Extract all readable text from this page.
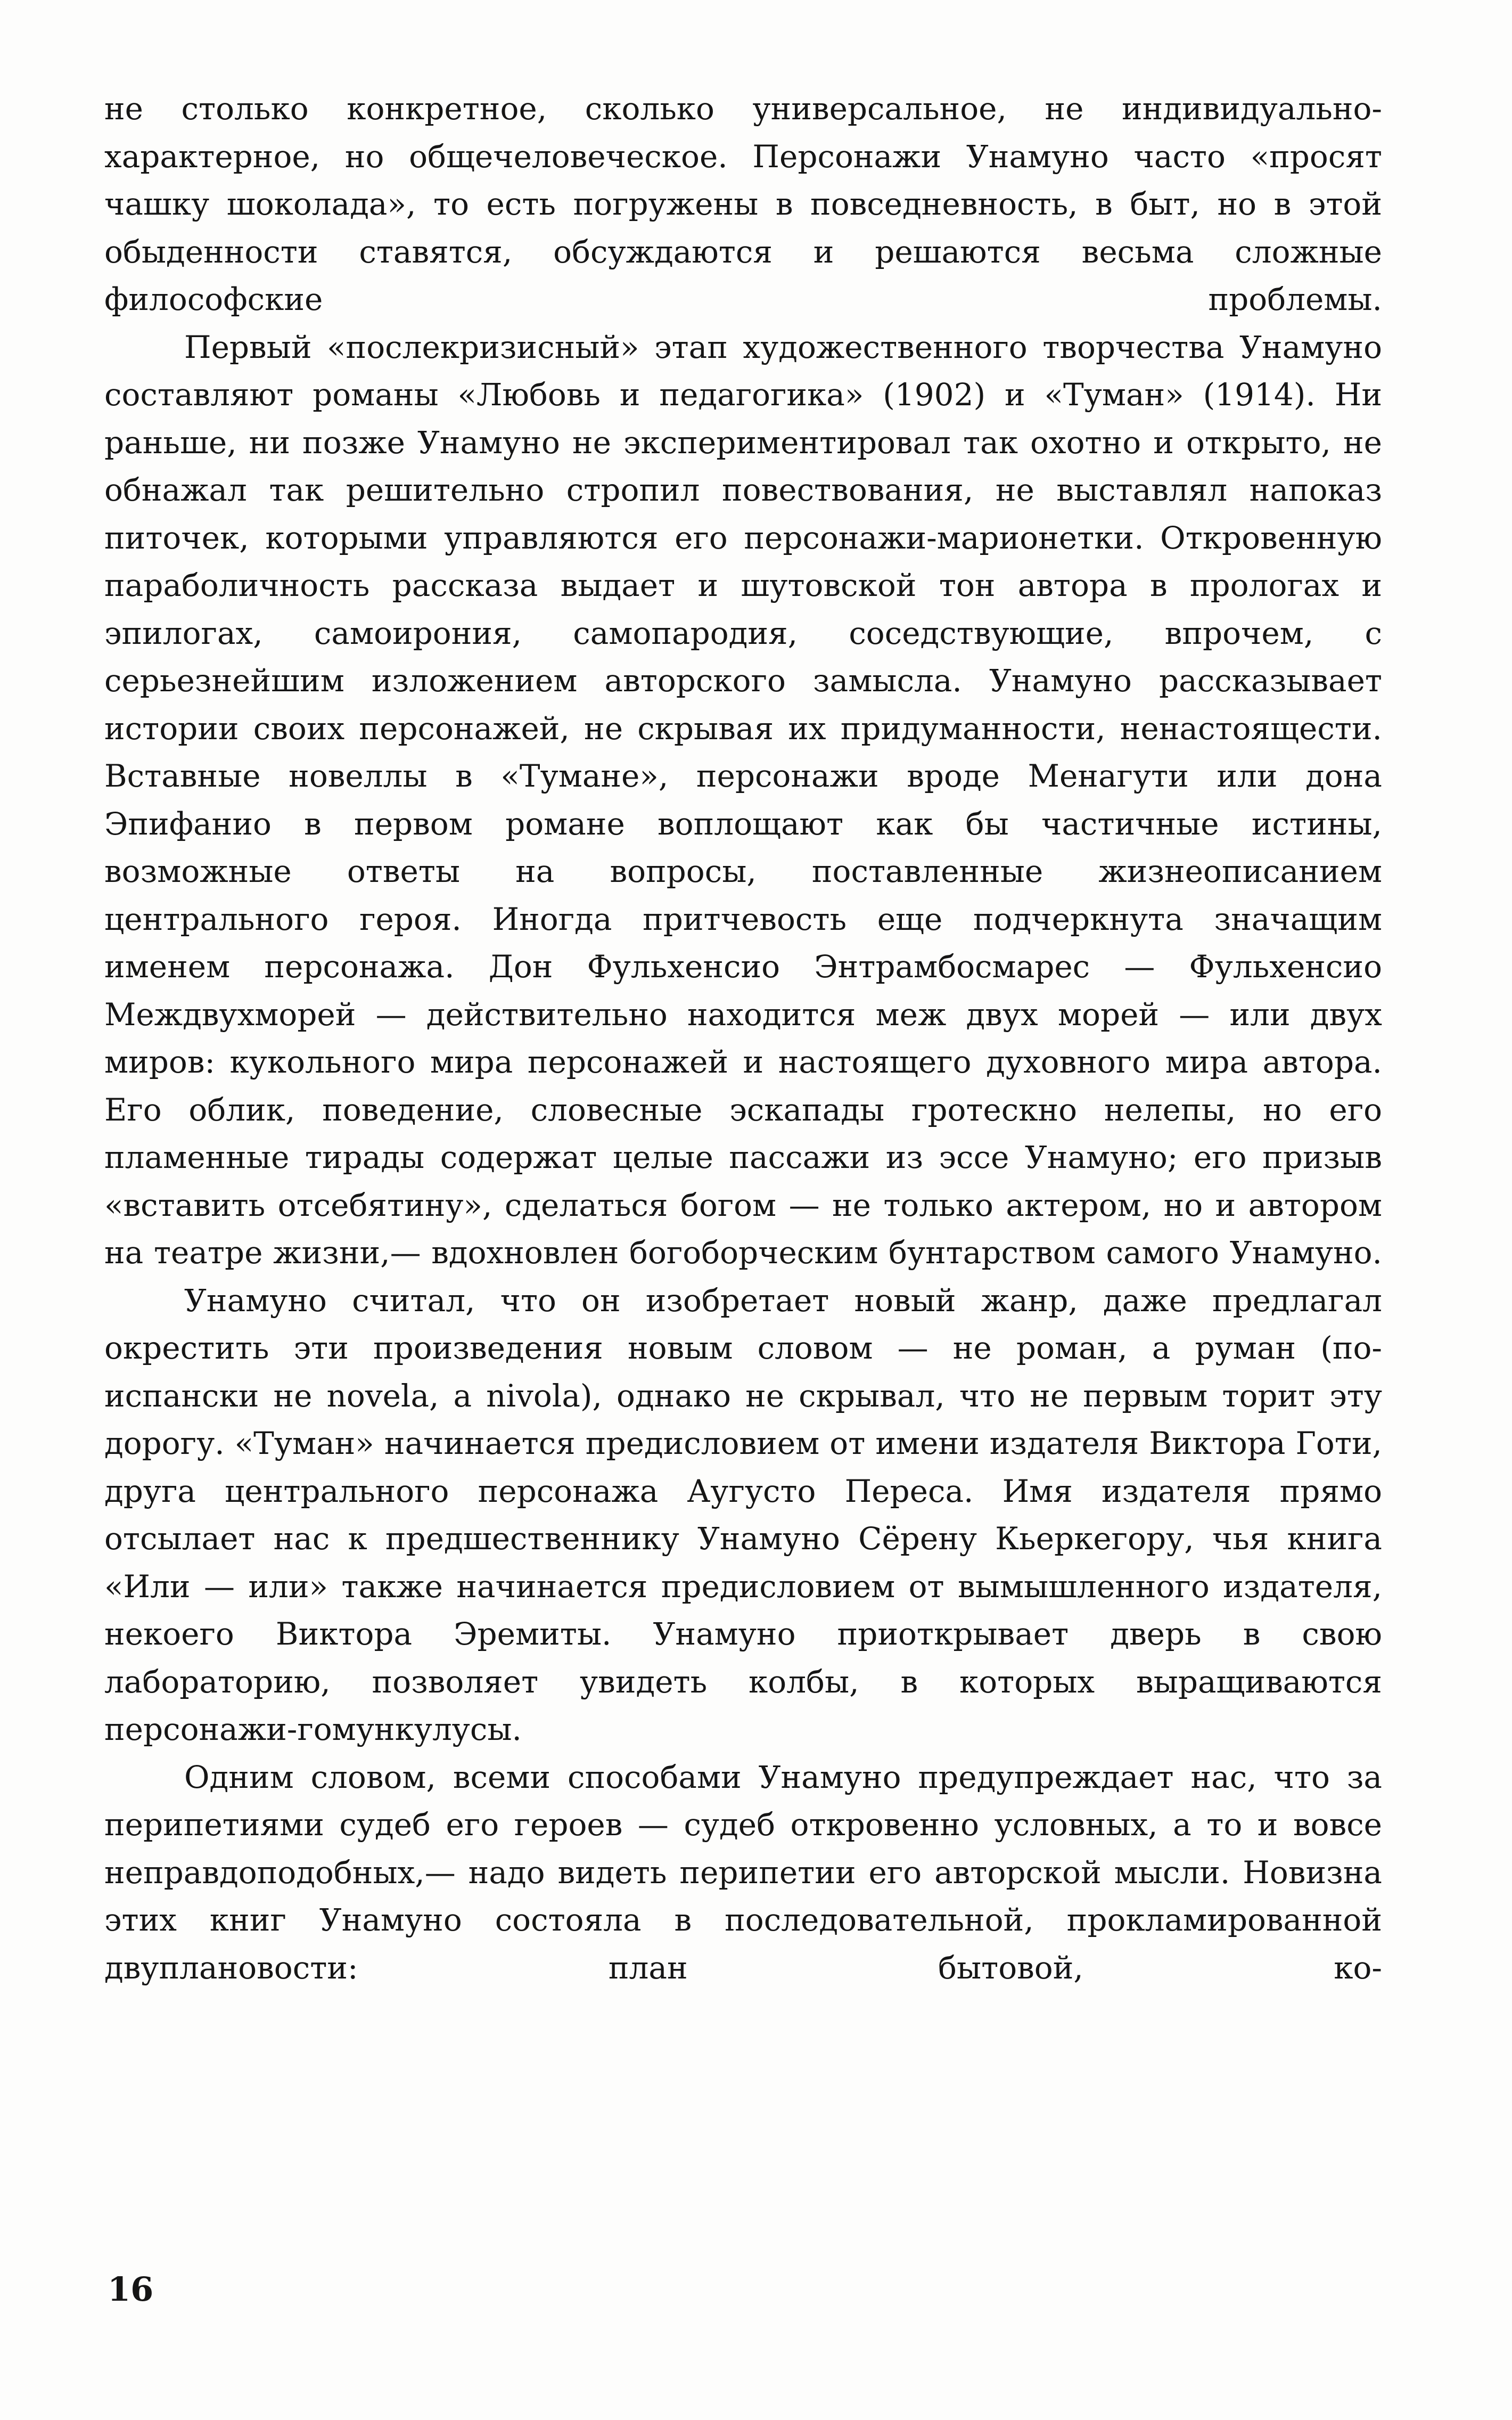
не столько конкретное, сколько универсальное, не индивидуально-характерное, но общечеловеческое. Персонажи Унамуно часто «просят чашку шоколада», то есть погружены в повседневность, в быт, но в этой обыденности ставятся, обсуждаются и решаются весьма сложные философские проблемы.

Первый «послекризисный» этап художественного творчества Унамуно составляют романы «Любовь и педагогика» (1902) и «Туман» (1914). Ни раньше, ни позже Унамуно не экспериментировал так охотно и открыто, не обнажал так решительно стропил повествования, не выставлял напоказ питочек, которыми управляются его персонажи-марионетки. Откровенную параболичность рассказа выдает и шутовской тон автора в прологах и эпилогах, самоирония, самопародия, соседствующие, впрочем, с серьезнейшим изложением авторского замысла. Унамуно рассказывает истории своих персонажей, не скрывая их придуманности, ненастоящести. Вставные новеллы в «Тумане», персонажи вроде Менагути или дона Эпифанио в первом романе воплощают как бы частичные истины, возможные ответы на вопросы, поставленные жизнеописанием центрального героя. Иногда притчевость еще подчеркнута значащим именем персонажа. Дон Фульхенсио Энтрамбосмарес — Фульхенсио Междвухморей — действительно находится меж двух морей — или двух миров: кукольного мира персонажей и настоящего духовного мира автора. Его облик, поведение, словесные эскапады гротескно нелепы, но его пламенные тирады содержат целые пассажи из эссе Унамуно; его призыв «вставить отсебятину», сделаться богом — не только актером, но и автором на театре жизни,— вдохновлен богоборческим бунтарством самого Унамуно.

Унамуно считал, что он изобретает новый жанр, даже предлагал окрестить эти произведения новым словом — не роман, а руман (по-испански не novela, а nivola), однако не скрывал, что не первым торит эту дорогу. «Туман» начинается предисловием от имени издателя Виктора Готи, друга центрального персонажа Аугусто Переса. Имя издателя прямо отсылает нас к предшественнику Унамуно Сёрену Кьеркегору, чья книга «Или — или» также начинается предисловием от вымышленного издателя, некоего Виктора Эремиты. Унамуно приоткрывает дверь в свою лабораторию, позволяет увидеть колбы, в которых выращиваются персонажи-гомункулусы.

Одним словом, всеми способами Унамуно предупреждает нас, что за перипетиями судеб его героев — судеб откровенно условных, а то и вовсе неправдоподобных,— надо видеть перипетии его авторской мысли. Новизна этих книг Унамуно состояла в последовательной, прокламированной двуплановости: план бытовой, ко-

16
